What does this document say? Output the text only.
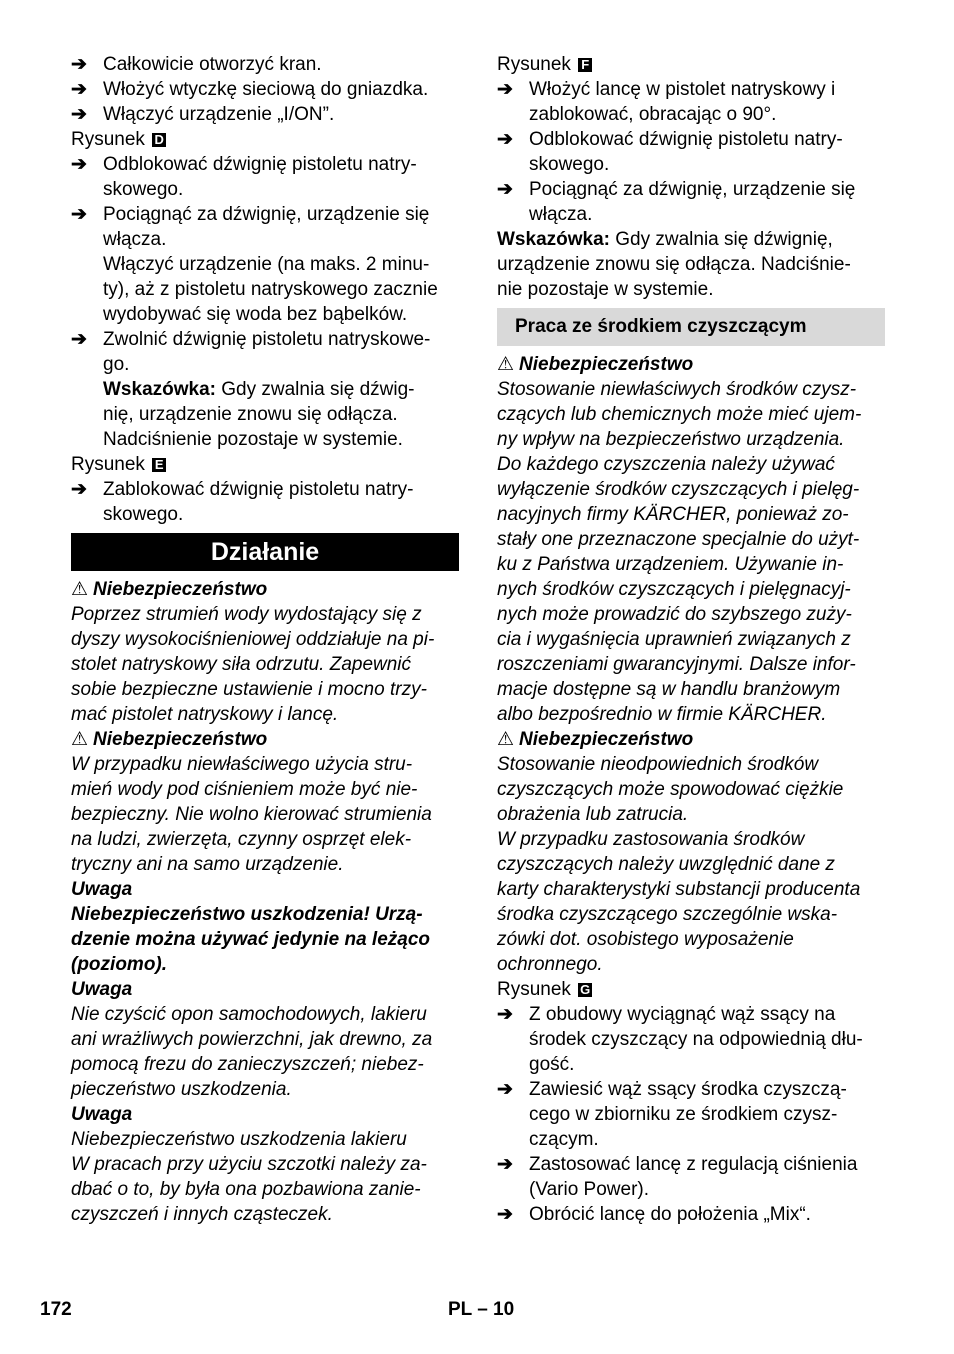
➔ Całkowicie otworzyć kran.
➔ Włożyć wtyczkę sieciową do gniazdka.
➔ Włączyć urządzenie „I/ON”.

Rysunek D

➔ Odblokować dźwignię pistoletu natry-
skowego.
➔ Pociągnąć za dźwignię, urządzenie się
włącza.
Włączyć urządzenie (na maks. 2 minu-
ty), aż z pistoletu natryskowego zacznie
wydobywać się woda bez bąbelków.
➔ Zwolnić dźwignię pistoletu natryskowe-
go.
Wskazówka: Gdy zwalnia się dźwig-
nię, urządzenie znowu się odłącza.
Nadciśnienie pozostaje w systemie.

Rysunek E

➔ Zablokować dźwignię pistoletu natry-
skowego.
Działanie

⚠ Niebezpieczeństwo

Poprzez strumień wody wydostający się z
dyszy wysokociśnieniowej oddziałuje na pi-
stolet natryskowy siła odrzutu. Zapewnić
sobie bezpieczne ustawienie i mocno trzy-
mać pistolet natryskowy i lancę.

⚠ Niebezpieczeństwo

W przypadku niewłaściwego użycia stru-
mień wody pod ciśnieniem może być nie-
bezpieczny. Nie wolno kierować strumienia
na ludzi, zwierzęta, czynny osprzęt elek-
tryczny ani na samo urządzenie.

Uwaga

Niebezpieczeństwo uszkodzenia! Urzą-
dzenie można używać jedynie na leżąco
(poziomo).

Uwaga

Nie czyścić opon samochodowych, lakieru
ani wrażliwych powierzchni, jak drewno, za
pomocą frezu do zanieczyszczeń; niebez-
pieczeństwo uszkodzenia.

Uwaga

Niebezpieczeństwo uszkodzenia lakieru
W pracach przy użyciu szczotki należy za-
dbać o to, by była ona pozbawiona zanie-
czyszczeń i innych cząsteczek.

Rysunek F

➔ Włożyć lancę w pistolet natryskowy i
zablokować, obracając o 90°.
➔ Odblokować dźwignię pistoletu natry-
skowego.
➔ Pociągnąć za dźwignię, urządzenie się
włącza.
Wskazówka: Gdy zwalnia się dźwignię,
urządzenie znowu się odłącza. Nadciśnie-
nie pozostaje w systemie.
Praca ze środkiem czyszczącym

⚠ Niebezpieczeństwo

Stosowanie niewłaściwych środków czysz-
czących lub chemicznych może mieć ujem-
ny wpływ na bezpieczeństwo urządzenia.
Do każdego czyszczenia należy używać
wyłączenie środków czyszczących i pielęg-
nacyjnych firmy KÄRCHER, ponieważ zo-
stały one przeznaczone specjalnie do użyt-
ku z Państwa urządzeniem. Używanie in-
nych środków czyszczących i pielęgnacyj-
nych może prowadzić do szybszego zuży-
cia i wygaśnięcia uprawnień związanych z
roszczeniami gwarancyjnymi. Dalsze infor-
macje dostępne są w handlu branżowym
albo bezpośrednio w firmie KÄRCHER.

⚠ Niebezpieczeństwo

Stosowanie nieodpowiednich środków
czyszczących może spowodować ciężkie
obrażenia lub zatrucia.
W przypadku zastosowania środków
czyszczących należy uwzględnić dane z
karty charakterystyki substancji producenta
środka czyszczącego szczególnie wska-
zówki dot. osobistego wyposażenie
ochronnego.

Rysunek G

➔ Z obudowy wyciągnąć wąż ssący na
środek czyszczący na odpowiednią dłu-
gość.
➔ Zawiesić wąż ssący środka czyszczą-
cego w zbiorniku ze środkiem czysz-
czącym.
➔ Zastosować lancę z regulacją ciśnienia
(Vario Power).
➔ Obrócić lancę do położenia „Mix“.
172	PL – 10
